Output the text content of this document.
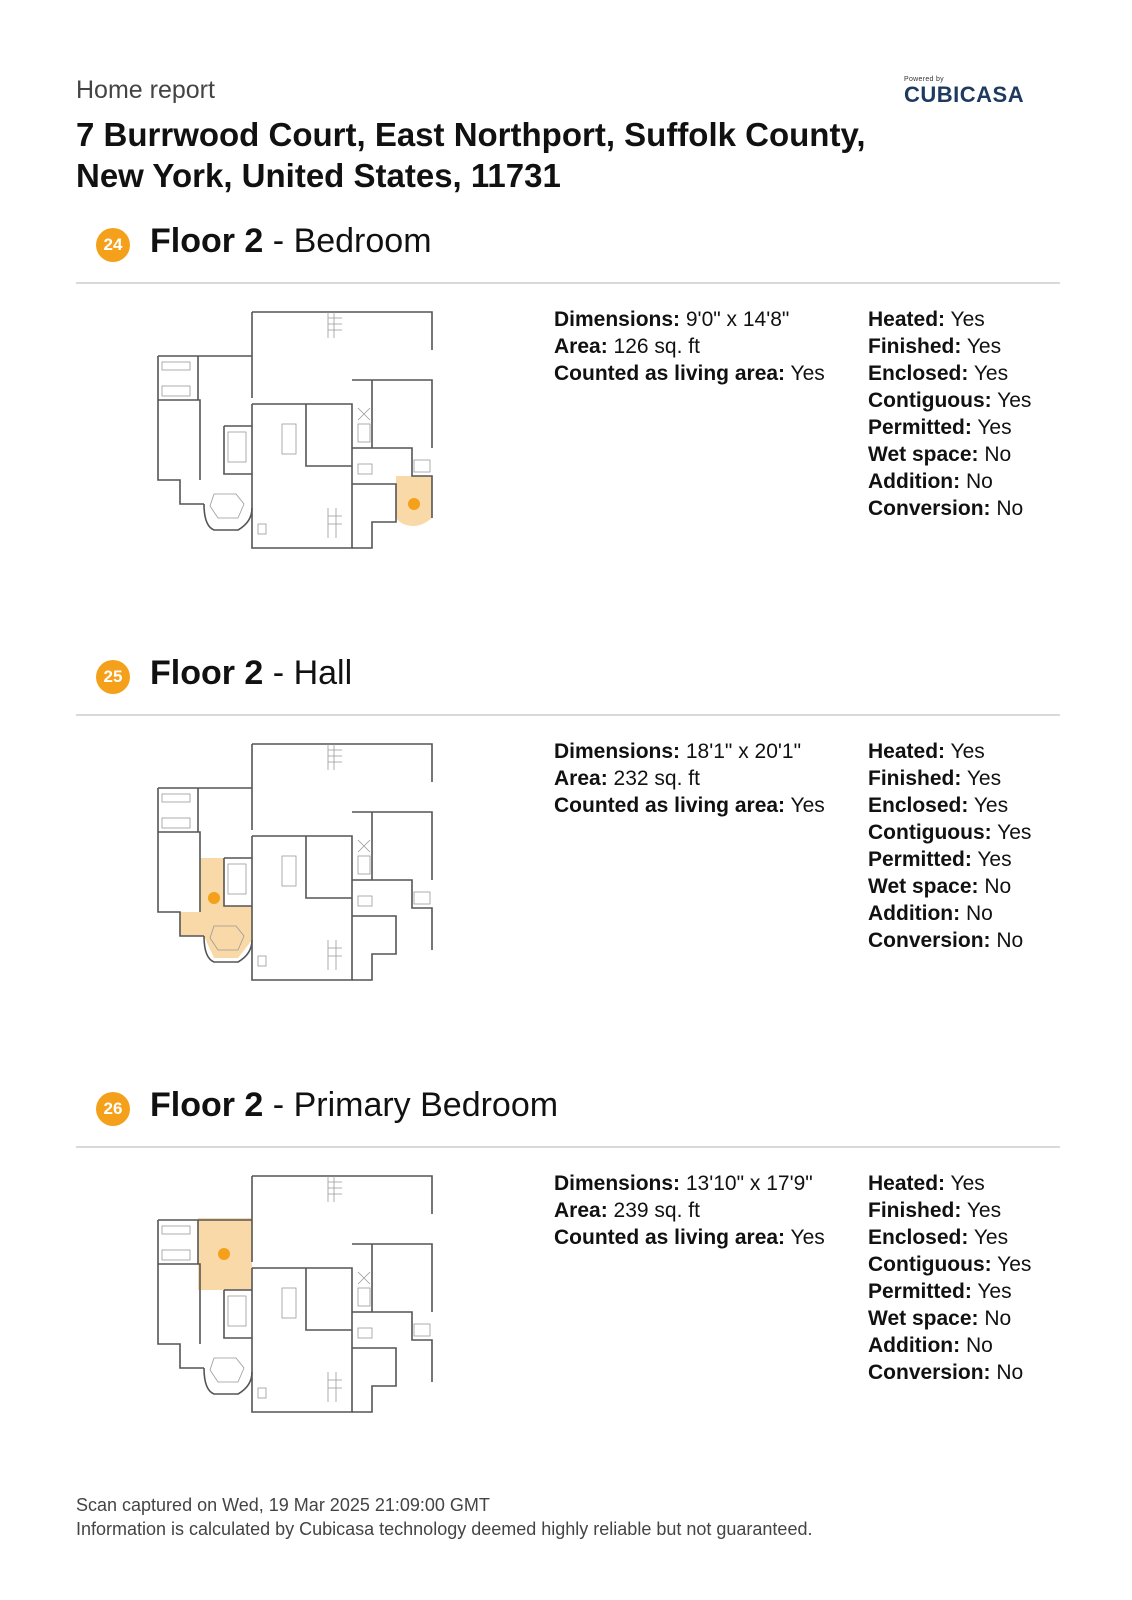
Home report
7 Burrwood Court, East Northport, Suffolk County,
New York, United States, 11731
Powered by
CUBICASA
24 Floor 2 - Bedroom
Dimensions: 9'0" x 14'8"
Area: 126 sq. ft
Counted as living area: Yes
Heated: Yes
Finished: Yes
Enclosed: Yes
Contiguous: Yes
Permitted: Yes
Wet space: No
Addition: No
Conversion: No
25 Floor 2 - Hall
Dimensions: 18'1" x 20'1"
Area: 232 sq. ft
Counted as living area: Yes
Heated: Yes
Finished: Yes
Enclosed: Yes
Contiguous: Yes
Permitted: Yes
Wet space: No
Addition: No
Conversion: No
26 Floor 2 - Primary Bedroom
Dimensions: 13'10" x 17'9"
Area: 239 sq. ft
Counted as living area: Yes
Heated: Yes
Finished: Yes
Enclosed: Yes
Contiguous: Yes
Permitted: Yes
Wet space: No
Addition: No
Conversion: No
Scan captured on Wed, 19 Mar 2025 21:09:00 GMT
Information is calculated by Cubicasa technology deemed highly reliable but not guaranteed.
